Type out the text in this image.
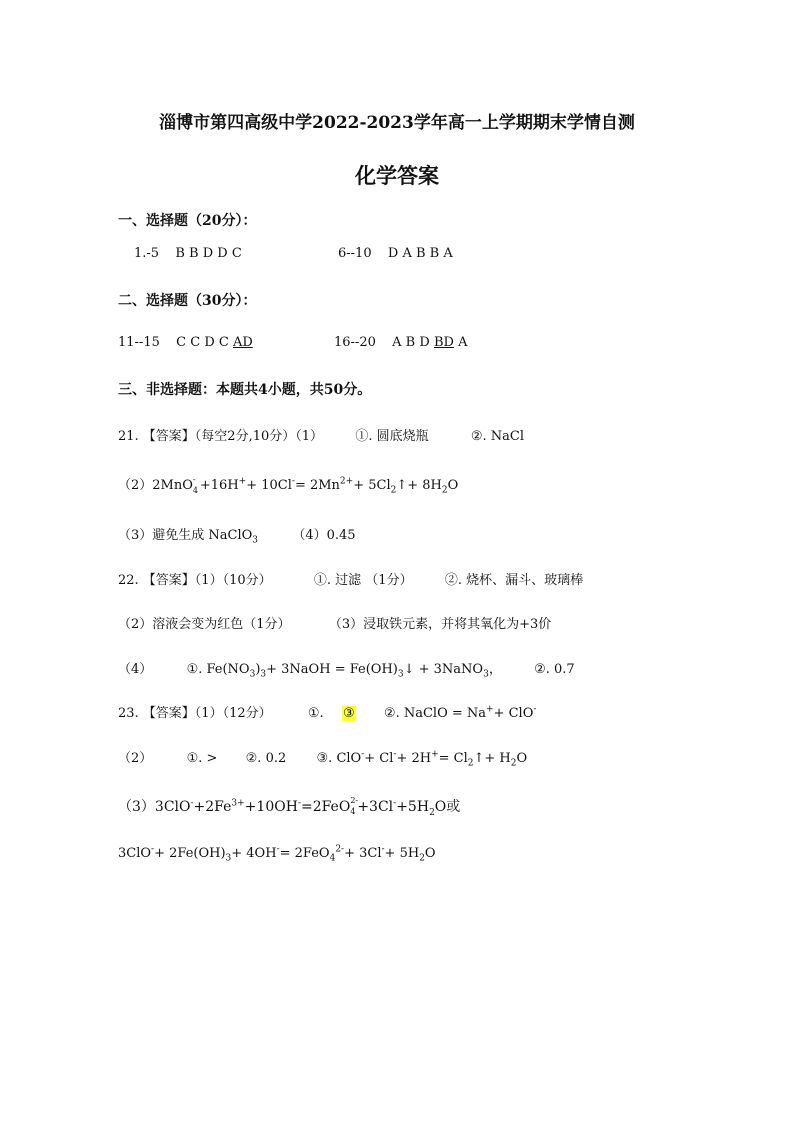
淄博市第四高级中学2022-2023学年高一上学期期末学情自测
化学答案
一、选择题（20分）：
1.-5 B B D D C	6--10 D A B B A
二、选择题（30分）：
11--15 C C D C AD	16--20 A B D BD A
三、非选择题：本题共4小题，共50分。
21. 【答案】（每空2分,10分）（1） ①. 圆底烧瓶	②. NaCl
（2）2MnO -
$4 +16H^++ 10Cl^-= 2Mn^{2+}+$ $5Cl_2↑+ 8H_2O$
（3）避免生成 NaClO$_3$	（4）0.45
22. 【答案】（1）（10分）	①. 过滤 （1分） ②. 烧杯、漏斗、玻璃棒
（2）溶液会变为红色（1分）	（3）浸取铁元素，并将其氧化为+3价
（4）	①. $Fe(NO_3)_3+$ 3NaOH = $Fe(OH)_3↓$ + 3NaNO$_3$， ②. 0.7
23. 【答案】（1）（12分）	①. ③ ②. NaClO = Na++ ClO-
（2）	①. > ②. 0.2 ③. $ClO^-+ Cl^-+ 2H^+= Cl_2↑+ H_2O$
$(3)3ClO^-+2Fe^{3+}+10OH^-=2FeO$ 2-
$4 +3Cl^-+5H_2O$或
$3ClO^-+ 2Fe(OH)_3+ 4OH^-= 2FeO_4^{2-}+ 3Cl^-+ 5H_2O$
